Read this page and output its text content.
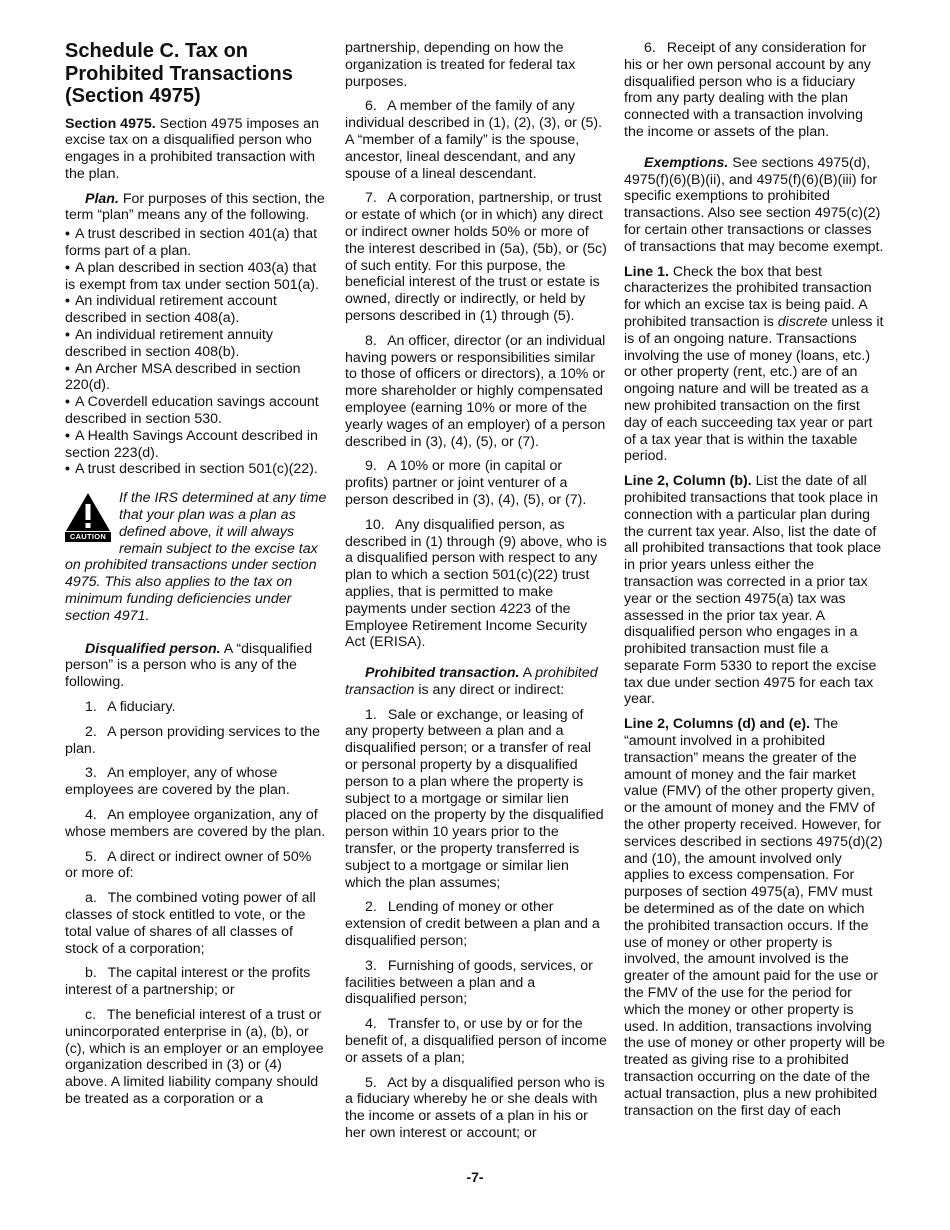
Schedule C. Tax on Prohibited Transactions (Section 4975)

Section 4975. Section 4975 imposes an excise tax on a disqualified person who engages in a prohibited transaction with the plan.

Plan. For purposes of this section, the term “plan” means any of the following.

• A trust described in section 401(a) that forms part of a plan.

• A plan described in section 403(a) that is exempt from tax under section 501(a).

• An individual retirement account described in section 408(a).

• An individual retirement annuity described in section 408(b).

• An Archer MSA described in section 220(d).

• A Coverdell education savings account described in section 530.

• A Health Savings Account described in section 223(d).

• A trust described in section 501(c)(22).

CAUTION
If the IRS determined at any time that your plan was a plan as defined above, it will always remain subject to the excise tax on prohibited transactions under section 4975. This also applies to the tax on minimum funding deficiencies under section 4971.

Disqualified person. A “disqualified person” is a person who is any of the following.

1.  A fiduciary.

2.  A person providing services to the plan.

3.  An employer, any of whose employees are covered by the plan.

4.  An employee organization, any of whose members are covered by the plan.

5.  A direct or indirect owner of 50% or more of:

a.  The combined voting power of all classes of stock entitled to vote, or the total value of shares of all classes of stock of a corporation;

b.  The capital interest or the profits interest of a partnership; or

c.  The beneficial interest of a trust or unincorporated enterprise in (a), (b), or (c), which is an employer or an employee organization described in (3) or (4) above. A limited liability company should be treated as a corporation or a

partnership, depending on how the organization is treated for federal tax purposes.

6.  A member of the family of any individual described in (1), (2), (3), or (5). A “member of a family” is the spouse, ancestor, lineal descendant, and any spouse of a lineal descendant.

7.  A corporation, partnership, or trust or estate of which (or in which) any direct or indirect owner holds 50% or more of the interest described in (5a), (5b), or (5c) of such entity. For this purpose, the beneficial interest of the trust or estate is owned, directly or indirectly, or held by persons described in (1) through (5).

8.  An officer, director (or an individual having powers or responsibilities similar to those of officers or directors), a 10% or more shareholder or highly compensated employee (earning 10% or more of the yearly wages of an employer) of a person described in (3), (4), (5), or (7).

9.  A 10% or more (in capital or profits) partner or joint venturer of a person described in (3), (4), (5), or (7).

10.  Any disqualified person, as described in (1) through (9) above, who is a disqualified person with respect to any plan to which a section 501(c)(22) trust applies, that is permitted to make payments under section 4223 of the Employee Retirement Income Security Act (ERISA).

Prohibited transaction. A prohibited transaction is any direct or indirect:

1.  Sale or exchange, or leasing of any property between a plan and a disqualified person; or a transfer of real or personal property by a disqualified person to a plan where the property is subject to a mortgage or similar lien placed on the property by the disqualified person within 10 years prior to the transfer, or the property transferred is subject to a mortgage or similar lien which the plan assumes;

2.  Lending of money or other extension of credit between a plan and a disqualified person;

3.  Furnishing of goods, services, or facilities between a plan and a disqualified person;

4.  Transfer to, or use by or for the benefit of, a disqualified person of income or assets of a plan;

5.  Act by a disqualified person who is a fiduciary whereby he or she deals with the income or assets of a plan in his or her own interest or account; or

6.  Receipt of any consideration for his or her own personal account by any disqualified person who is a fiduciary from any party dealing with the plan connected with a transaction involving the income or assets of the plan.

Exemptions. See sections 4975(d), 4975(f)(6)(B)(ii), and 4975(f)(6)(B)(iii) for specific exemptions to prohibited transactions. Also see section 4975(c)(2) for certain other transactions or classes of transactions that may become exempt.

Line 1. Check the box that best characterizes the prohibited transaction for which an excise tax is being paid. A prohibited transaction is discrete unless it is of an ongoing nature. Transactions involving the use of money (loans, etc.) or other property (rent, etc.) are of an ongoing nature and will be treated as a new prohibited transaction on the first day of each succeeding tax year or part of a tax year that is within the taxable period.

Line 2, Column (b). List the date of all prohibited transactions that took place in connection with a particular plan during the current tax year. Also, list the date of all prohibited transactions that took place in prior years unless either the transaction was corrected in a prior tax year or the section 4975(a) tax was assessed in the prior tax year. A disqualified person who engages in a prohibited transaction must file a separate Form 5330 to report the excise tax due under section 4975 for each tax year.

Line 2, Columns (d) and (e). The “amount involved in a prohibited transaction” means the greater of the amount of money and the fair market value (FMV) of the other property given, or the amount of money and the FMV of the other property received. However, for services described in sections 4975(d)(2) and (10), the amount involved only applies to excess compensation. For purposes of section 4975(a), FMV must be determined as of the date on which the prohibited transaction occurs. If the use of money or other property is involved, the amount involved is the greater of the amount paid for the use or the FMV of the use for the period for which the money or other property is used. In addition, transactions involving the use of money or other property will be treated as giving rise to a prohibited transaction occurring on the date of the actual transaction, plus a new prohibited transaction on the first day of each

-7-
